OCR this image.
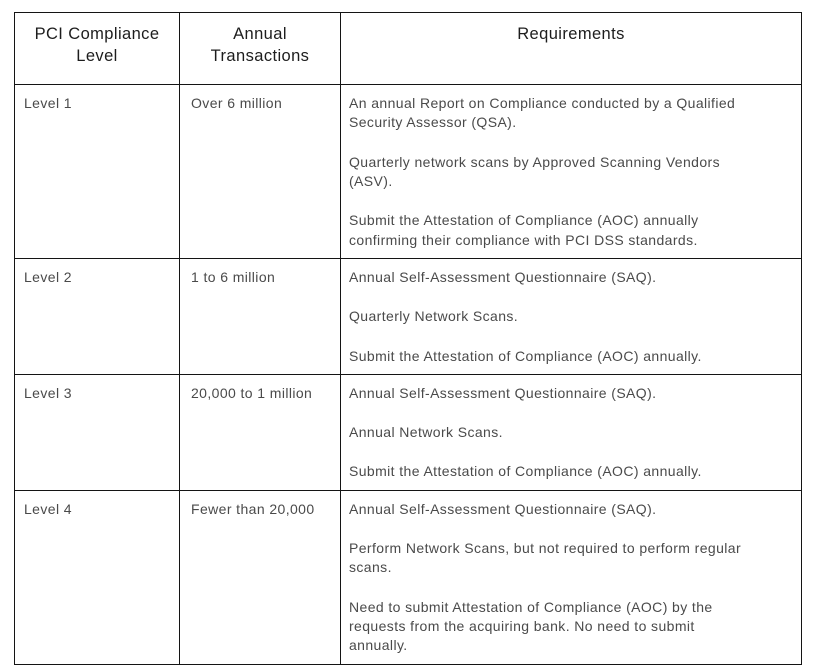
PCI Compliance Level	Annual Transactions	Requirements
Level 1	Over 6 million	An annual Report on Compliance conducted by a Qualified Security Assessor (QSA).

Quarterly network scans by Approved Scanning Vendors (ASV).

Submit the Attestation of Compliance (AOC) annually confirming their compliance with PCI DSS standards.

Level 2	1 to 6 million	Annual Self-Assessment Questionnaire (SAQ).

Quarterly Network Scans.

Submit the Attestation of Compliance (AOC) annually.

Level 3	20,000 to 1 million	Annual Self-Assessment Questionnaire (SAQ).

Annual Network Scans.

Submit the Attestation of Compliance (AOC) annually.

Level 4	Fewer than 20,000	Annual Self-Assessment Questionnaire (SAQ).

Perform Network Scans, but not required to perform regular scans.

Need to submit Attestation of Compliance (AOC) by the requests from the acquiring bank. No need to submit annually.
